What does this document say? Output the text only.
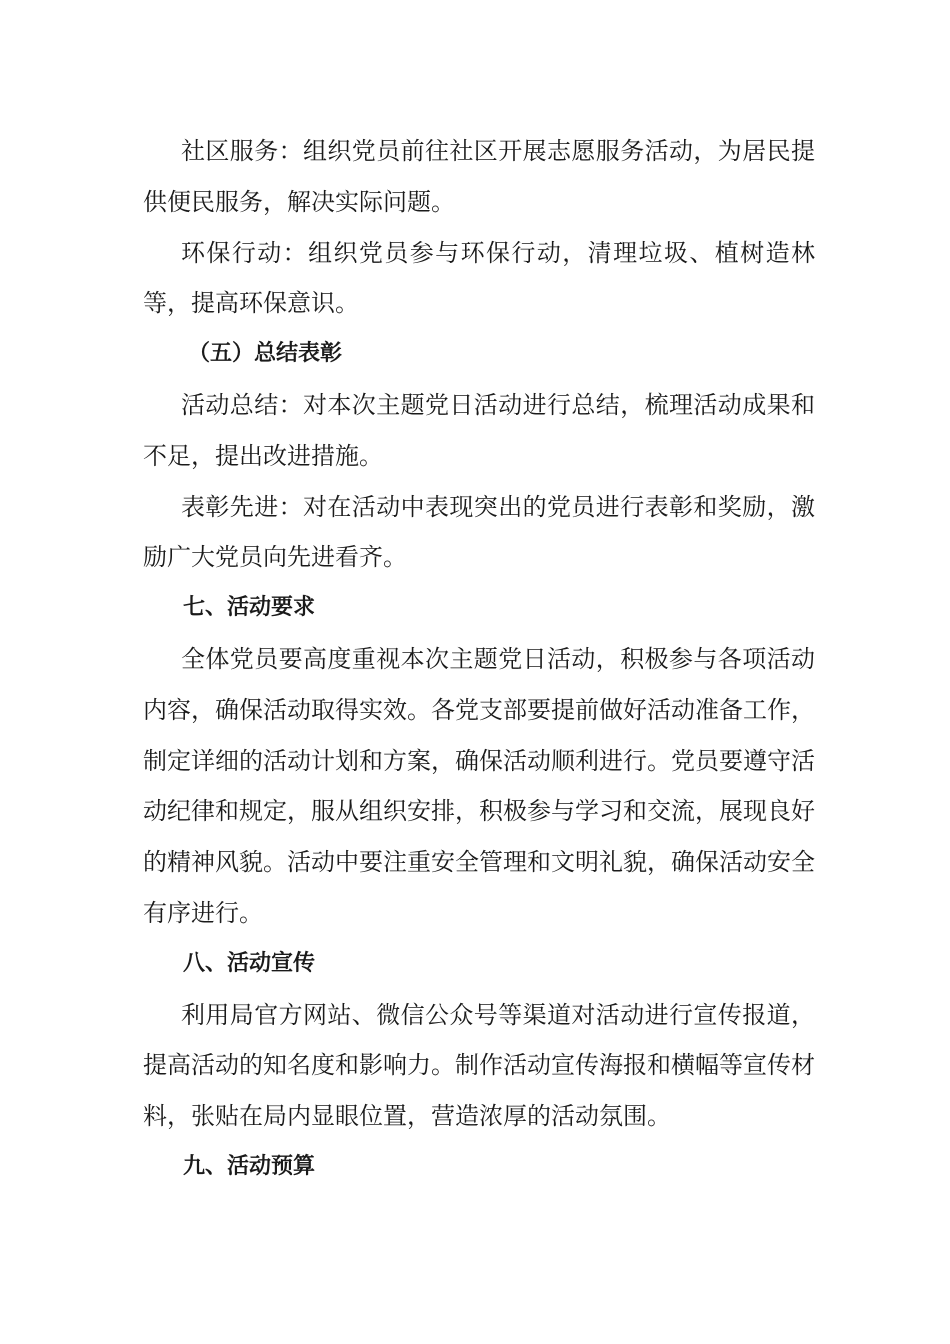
社区服务：组织党员前往社区开展志愿服务活动，为居民提供便民服务，解决实际问题。

环保行动：组织党员参与环保行动，清理垃圾、植树造林等，提高环保意识。

（五）总结表彰

活动总结：对本次主题党日活动进行总结，梳理活动成果和不足，提出改进措施。

表彰先进：对在活动中表现突出的党员进行表彰和奖励，激励广大党员向先进看齐。

七、活动要求

全体党员要高度重视本次主题党日活动，积极参与各项活动内容，确保活动取得实效。各党支部要提前做好活动准备工作，制定详细的活动计划和方案，确保活动顺利进行。党员要遵守活动纪律和规定，服从组织安排，积极参与学习和交流，展现良好的精神风貌。活动中要注重安全管理和文明礼貌，确保活动安全有序进行。

八、活动宣传

利用局官方网站、微信公众号等渠道对活动进行宣传报道，提高活动的知名度和影响力。制作活动宣传海报和横幅等宣传材料，张贴在局内显眼位置，营造浓厚的活动氛围。

九、活动预算
